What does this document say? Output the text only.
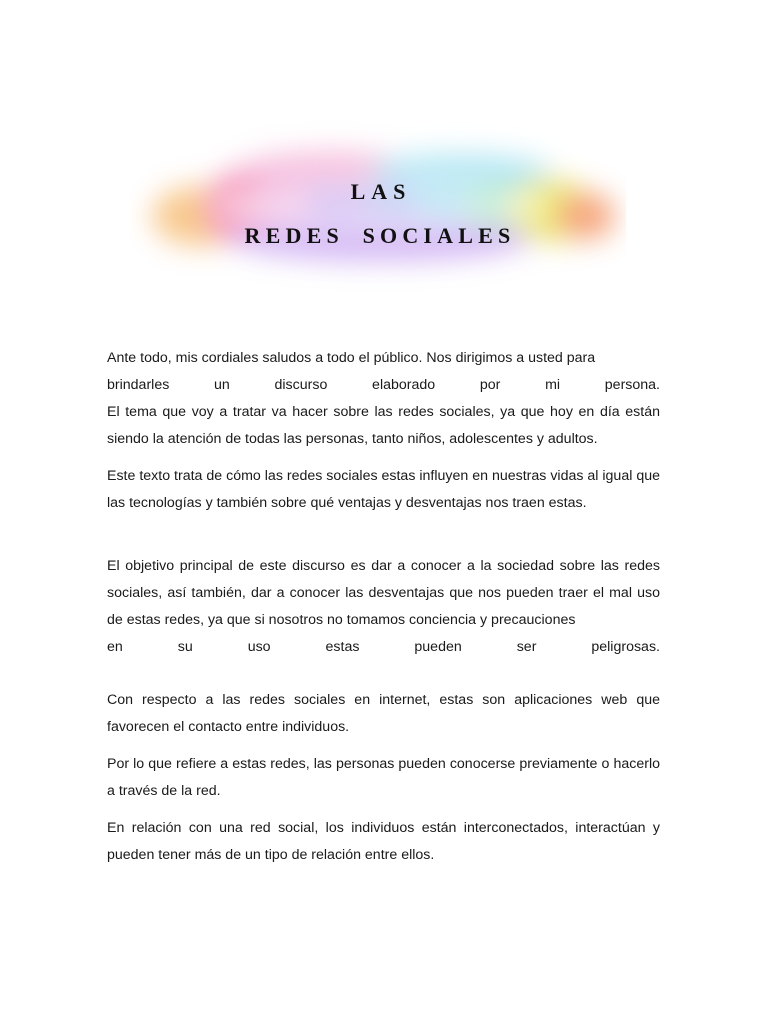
LAS
REDES SOCIALES

Ante todo, mis cordiales saludos a todo el público. Nos dirigimos a usted para
brindarles un discurso elaborado por mi persona.
El tema que voy a tratar va hacer sobre las redes sociales, ya que hoy en día están siendo la atención de todas las personas, tanto niños, adolescentes y adultos.

Este texto trata de cómo las redes sociales estas influyen en nuestras vidas al igual que las tecnologías y también sobre qué ventajas y desventajas nos traen estas.

El objetivo principal de este discurso es dar a conocer a la sociedad sobre las redes sociales, así también, dar a conocer las desventajas que nos pueden traer el mal uso de estas redes, ya que si nosotros no tomamos conciencia y precauciones
en su uso estas pueden ser peligrosas.

Con respecto a las redes sociales en internet, estas son aplicaciones web que favorecen el contacto entre individuos.

Por lo que refiere a estas redes, las personas pueden conocerse previamente o hacerlo a través de la red.

En relación con una red social, los individuos están interconectados, interactúan y pueden tener más de un tipo de relación entre ellos.
